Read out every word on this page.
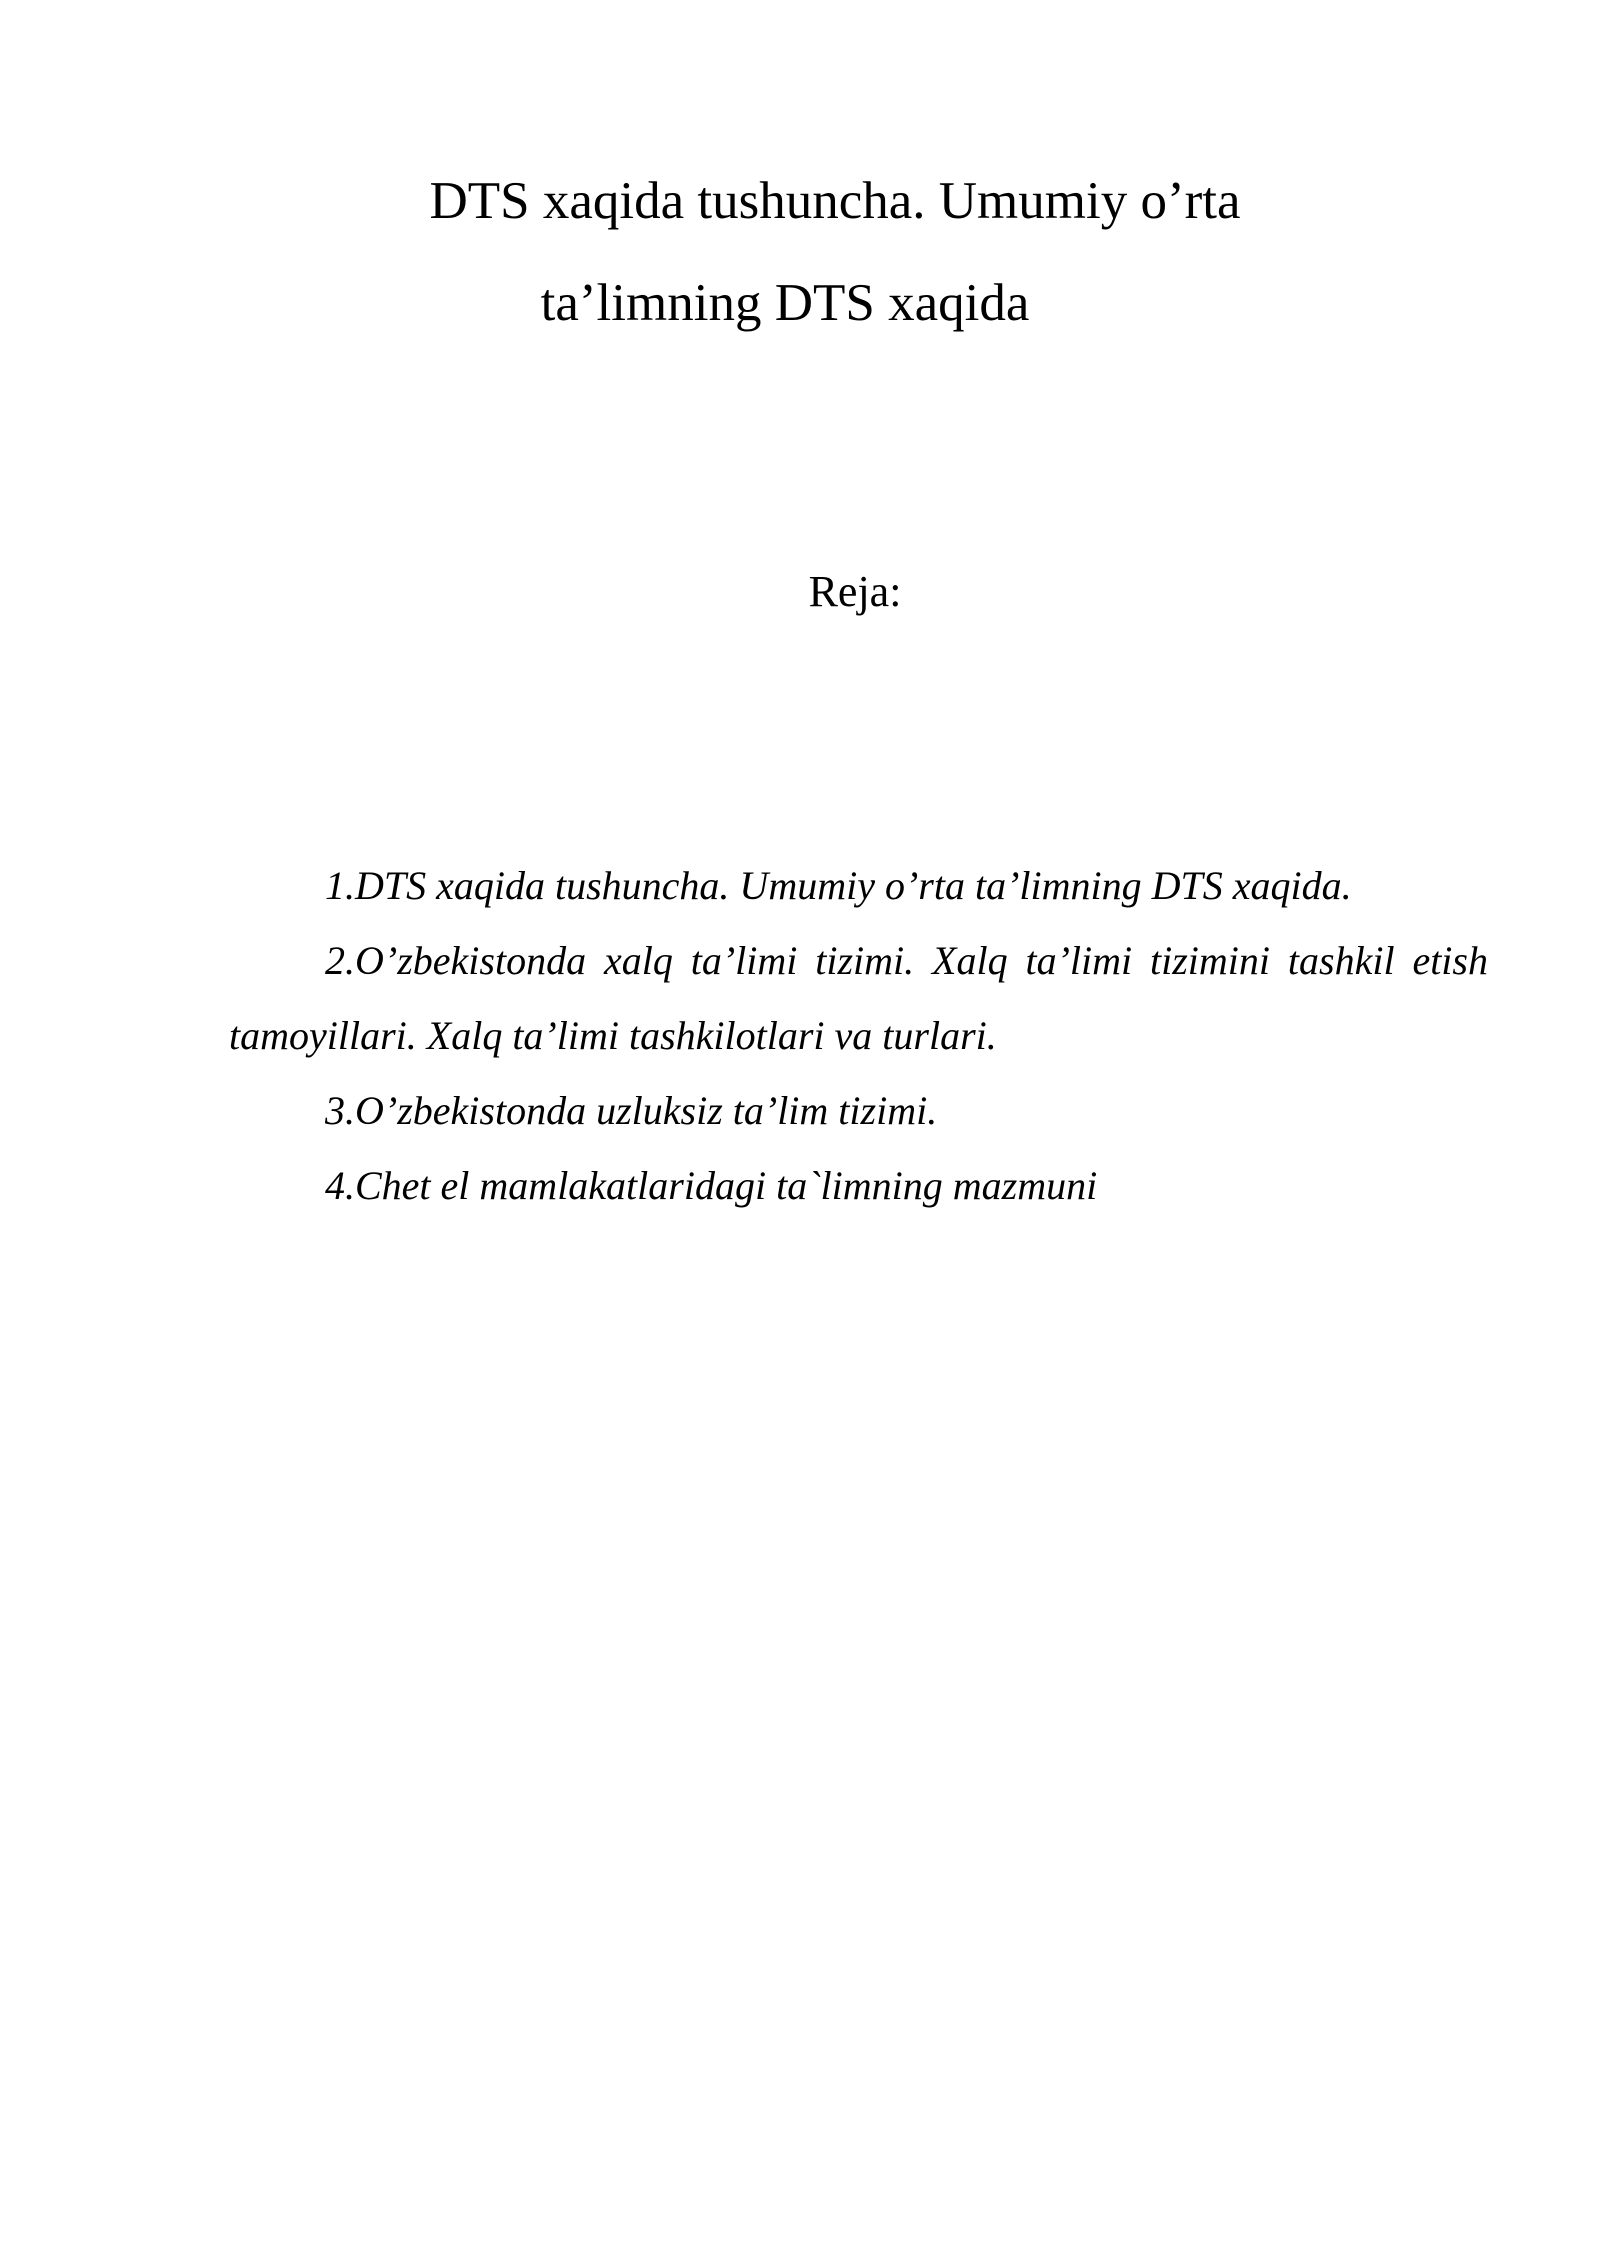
DTS xaqida tushuncha. Umumiy o’rta
ta’limning DTS xaqida
Reja:
1.DTS xaqida tushuncha. Umumiy o’rta ta’limning DTS xaqida.
2.O’zbekistonda xalq ta’limi tizimi. Xalq ta’limi tizimini tashkil etish tamoyillari. Xalq ta’limi tashkilotlari va turlari.
3.O’zbekistonda uzluksiz ta’lim tizimi.
4.Chet el mamlakatlaridagi ta`limning mazmuni
